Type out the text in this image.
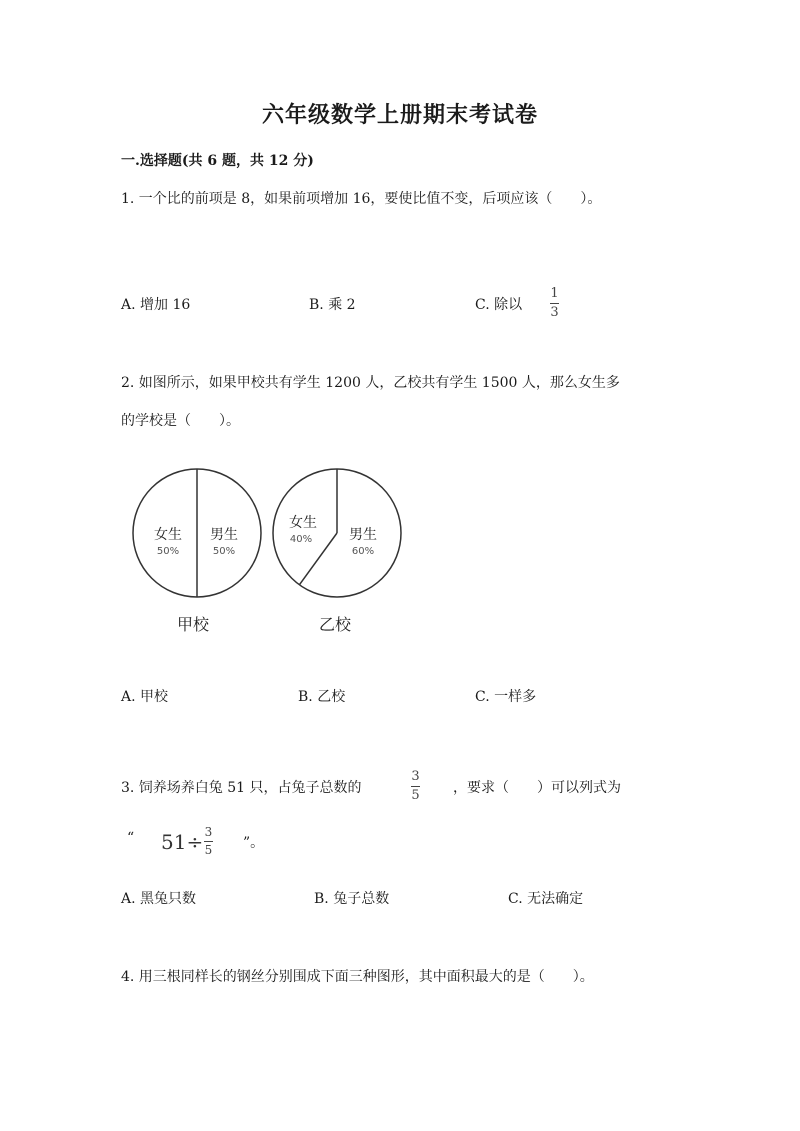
六年级数学上册期末考试卷
一.选择题(共 6 题，共 12 分)
1. 一个比的前项是 8，如果前项增加 16，要使比值不变，后项应该（　　）。
A. 增加 16	B. 乘 2	C. 除以
1
3
2. 如图所示，如果甲校共有学生 1200 人，乙校共有学生 1500 人，那么女生多
的学校是（　　）。
女生
50%
男生
50%
甲校
女生
40%	男生
60%
乙校
A. 甲校	B. 乙校	C. 一样多
3. 饲养场养白兔 51 只，占兔子总数的
3
5 ，要求（　　）可以列式为
“ 51÷ 3
5 ”。
A. 黑兔只数	B. 兔子总数	C. 无法确定
4. 用三根同样长的钢丝分别围成下面三种图形，其中面积最大的是（　　）。
